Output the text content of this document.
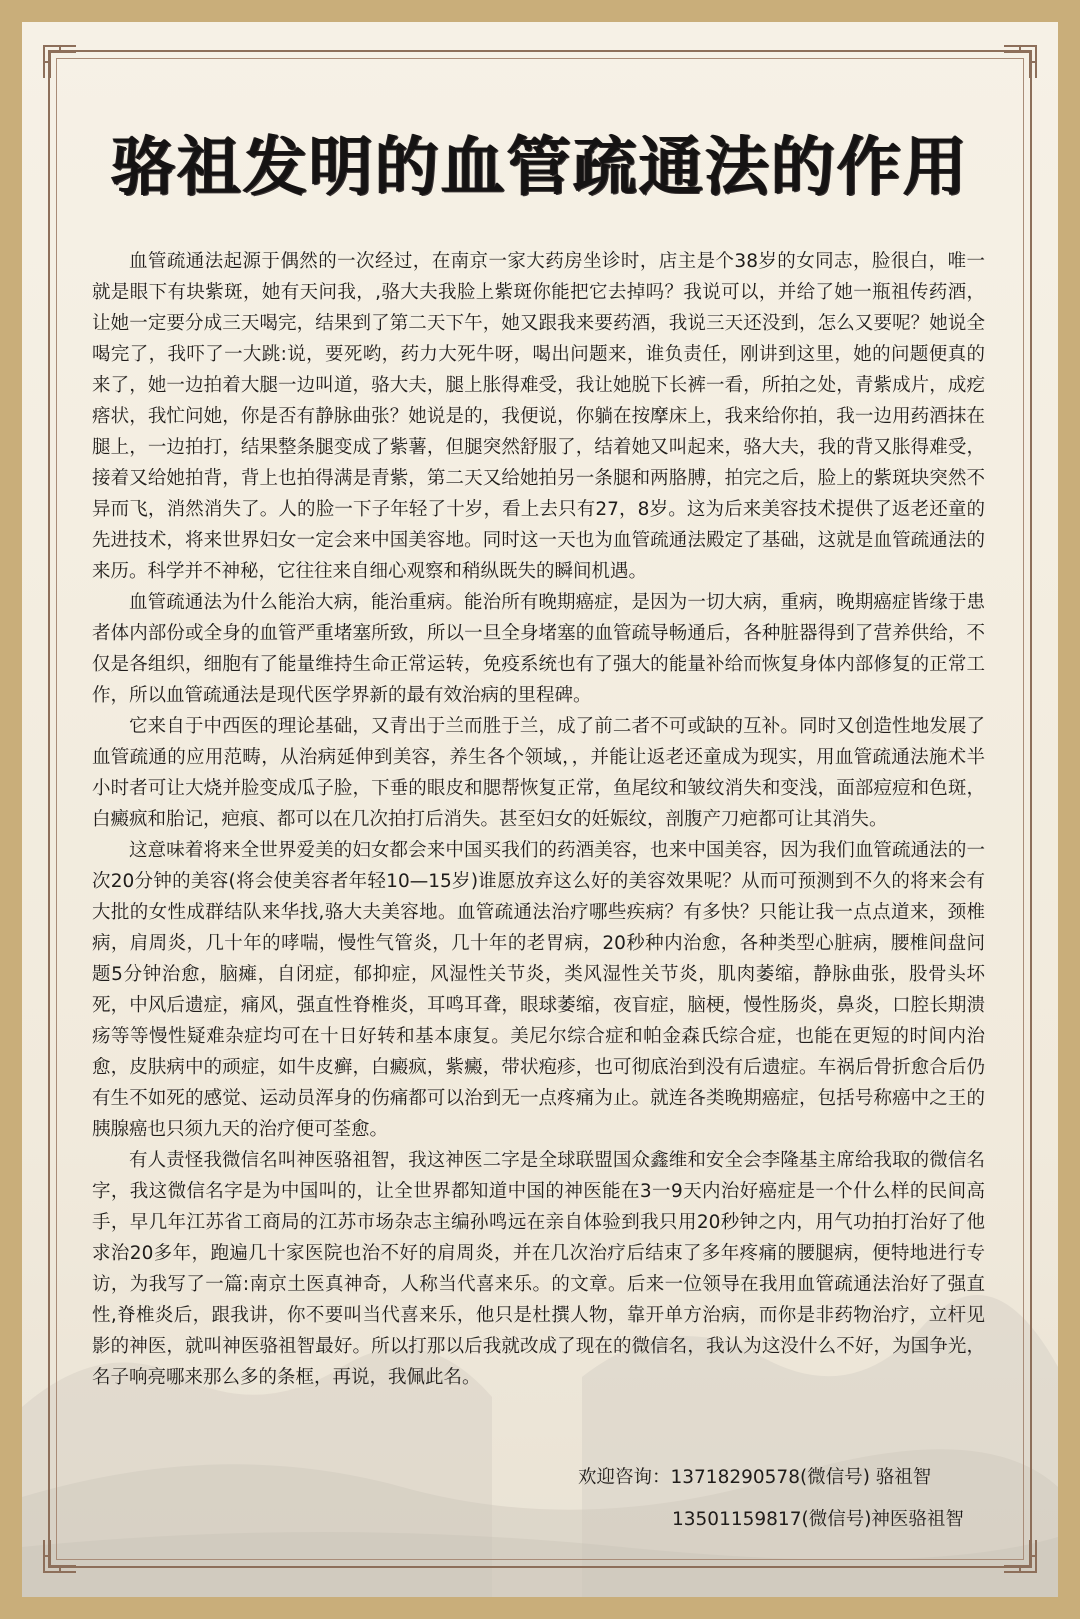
骆祖发明的血管疏通法的作用

血管疏通法起源于偶然的一次经过，在南京一家大药房坐诊时，店主是个38岁的女同志，脸很白，唯一就是眼下有块紫斑，她有天问我，,骆大夫我脸上紫斑你能把它去掉吗？我说可以，并给了她一瓶祖传药酒，让她一定要分成三天喝完，结果到了第二天下午，她又跟我来要药酒，我说三天还没到，怎么又要呢？她说全喝完了，我吓了一大跳:说，要死哟，药力大死牛呀，喝出问题来，谁负责任，刚讲到这里，她的问题便真的来了，她一边拍着大腿一边叫道，骆大夫，腿上胀得难受，我让她脱下长裤一看，所拍之处，青紫成片，成疙瘩状，我忙问她，你是否有静脉曲张？她说是的，我便说，你躺在按摩床上，我来给你拍，我一边用药酒抹在腿上，一边拍打，结果整条腿变成了紫薯，但腿突然舒服了，结着她又叫起来，骆大夫，我的背又胀得难受，接着又给她拍背，背上也拍得满是青紫，第二天又给她拍另一条腿和两胳膊，拍完之后，脸上的紫斑块突然不异而飞，消然消失了。人的脸一下子年轻了十岁，看上去只有27，8岁。这为后来美容技术提供了返老还童的先进技术，将来世界妇女一定会来中国美容地。同时这一天也为血管疏通法殿定了基础，这就是血管疏通法的来历。科学并不神秘，它往往来自细心观察和稍纵既失的瞬间机遇。

血管疏通法为什么能治大病，能治重病。能治所有晚期癌症，是因为一切大病，重病，晚期癌症皆缘于患者体内部份或全身的血管严重堵塞所致，所以一旦全身堵塞的血管疏导畅通后，各种脏器得到了营养供给，不仅是各组织，细胞有了能量维持生命正常运转，免疫系统也有了强大的能量补给而恢复身体内部修复的正常工作，所以血管疏通法是现代医学界新的最有效治病的里程碑。

它来自于中西医的理论基础，又青出于兰而胜于兰，成了前二者不可或缺的互补。同时又创造性地发展了血管疏通的应用范畴，从治病延伸到美容，养生各个领域，，并能让返老还童成为现实，用血管疏通法施术半小时者可让大烧并脸变成瓜子脸，下垂的眼皮和腮帮恢复正常，鱼尾纹和皱纹消失和变浅，面部痘痘和色斑，白癜疯和胎记，疤痕、都可以在几次拍打后消失。甚至妇女的妊娠纹，剖腹产刀疤都可让其消失。

这意味着将来全世界爱美的妇女都会来中国买我们的药酒美容，也来中国美容，因为我们血管疏通法的一次20分钟的美容(将会使美容者年轻10—15岁)谁愿放弃这么好的美容效果呢？从而可预测到不久的将来会有大批的女性成群结队来华找,骆大夫美容地。血管疏通法治疗哪些疾病？有多快？只能让我一点点道来，颈椎病，肩周炎，几十年的哮喘，慢性气管炎，几十年的老胃病，20秒种内治愈，各种类型心脏病，腰椎间盘问题5分钟治愈，脑瘫，自闭症，郁抑症，风湿性关节炎，类风湿性关节炎，肌肉萎缩，静脉曲张，股骨头坏死，中风后遗症，痛风，强直性脊椎炎，耳鸣耳聋，眼球萎缩，夜盲症，脑梗，慢性肠炎，鼻炎，口腔长期溃疡等等慢性疑难杂症均可在十日好转和基本康复。美尼尔综合症和帕金森氏综合症，也能在更短的时间内治愈，皮肤病中的顽症，如牛皮癣，白癜疯，紫癜，带状疱疹，也可彻底治到没有后遗症。车祸后骨折愈合后仍有生不如死的感觉、运动员浑身的伤痛都可以治到无一点疼痛为止。就连各类晚期癌症，包括号称癌中之王的胰腺癌也只须九天的治疗便可荃愈。

有人责怪我微信名叫神医骆祖智，我这神医二字是全球联盟国众鑫维和安全会李隆基主席给我取的微信名字，我这微信名字是为中国叫的，让全世界都知道中国的神医能在3一9天内治好癌症是一个什么样的民间高手，早几年江苏省工商局的江苏市场杂志主编孙鸣远在亲自体验到我只用20秒钟之内，用气功拍打治好了他求治20多年，跑遍几十家医院也治不好的肩周炎，并在几次治疗后结束了多年疼痛的腰腿病，便特地进行专访，为我写了一篇:南京土医真神奇，人称当代喜来乐。的文章。后来一位领导在我用血管疏通法治好了强直性,脊椎炎后，跟我讲，你不要叫当代喜来乐，他只是杜撰人物，靠开单方治病，而你是非药物治疗，立杆见影的神医，就叫神医骆祖智最好。所以打那以后我就改成了现在的微信名，我认为这没什么不好，为国争光，名子响亮哪来那么多的条框，再说，我佩此名。

欢迎咨询：13718290578(微信号) 骆祖智
13501159817(微信号)神医骆祖智
